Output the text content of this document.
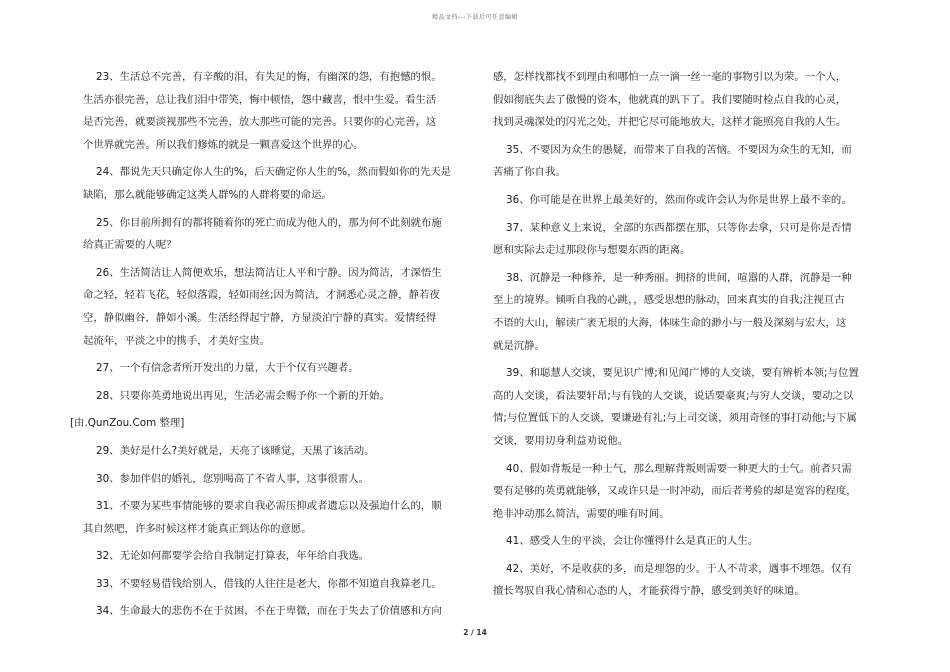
精品文档---下载后可任意编辑
23、生活总不完善，有辛酸的泪，有失足的悔，有幽深的怨，有抱憾的恨。
生活亦很完善，总让我们泪中带笑，悔中顿悟，怨中藏喜，恨中生爱。看生活
是否完善，就要淡视那些不完善，放大那些可能的完善。只要你的心完善，这
个世界就完善。所以我们修炼的就是一颗喜爱这个世界的心。
24、都说先天只确定你人生的%，后天确定你人生的%，然而假如你的先天是
缺陷，那么就能够确定这类人群%的人群将要的命运。
25、你目前所拥有的都将随着你的死亡而成为他人的，那为何不此刻就布施
给真正需要的人呢？
26、生活简洁让人简便欢乐，想法简洁让人平和宁静。因为简洁，才深悟生
命之轻，轻若飞花，轻似落霞，轻如雨丝;因为简洁，才洞悉心灵之静，静若夜
空，静似幽谷，静如小溪。生活经得起宁静，方显淡泊宁静的真实。爱情经得
起流年，平淡之中的携手，才美好宝贵。
27、一个有信念者所开发出的力量，大于个仅有兴趣者。
28、只要你英勇地说出再见，生活必需会赐予你一个新的开始。
[由.QunZou.Com 整理]
29、美好是什么?美好就是，天亮了该睡觉，天黑了该活动。
30、参加伴侣的婚礼，您别喝高了不省人事，这事很雷人。
31、不要为某些事情能够的要求自我必需压抑或者遗忘以及强迫什么的，顺
其自然吧，许多时候这样才能真正到达你的意愿。
32、无论如何都要学会给自我制定打算表，年年给自我选。
33、不要轻易借钱给别人，借钱的人往往是老大，你都不知道自我算老几。
34、生命最大的悲伤不在于贫困，不在于卑微，而在于失去了价值感和方向
感，怎样找都找不到理由和哪怕一点一滴一丝一毫的事物引以为荣。一个人，
假如彻底失去了傲慢的资本，他就真的趴下了。我们要随时检点自我的心灵，
找到灵魂深处的闪光之处，并把它尽可能地放大，这样才能照亮自我的人生。
35、不要因为众生的愚疑，而带来了自我的苦恼。不要因为众生的无知，而
苦痛了你自我。
36、你可能是在世界上最美好的，然而你或许会认为你是世界上最不幸的。
37、某种意义上来说，全部的东西都摆在那，只等你去拿，只可是你是否情
愿和实际去走过那段你与想要东西的距离。
38、沉静是一种修养，是一种秀丽。拥挤的世间，喧嚣的人群，沉静是一种
至上的境界。倾听自我的心跳，，感受思想的脉动，回来真实的自我;注视亘古
不语的大山，解读广袤无垠的大海，体味生命的渺小与一般及深刻与宏大，这
就是沉静。
39、和聪慧人交谈，要见识广博;和见闻广博的人交谈，要有辨析本领;与位置
高的人交谈，看法要轩昂;与有钱的人交谈，说话要豪爽;与穷人交谈，要动之以
情;与位置低下的人交谈，要谦逊有礼;与上司交谈，须用奇怪的事打动他;与下属
交谈，要用切身利益劝说他。
40、假如背叛是一种士气，那么理解背叛则需要一种更大的士气。前者只需
要有足够的英勇就能够，又或许只是一时冲动，而后者考验的却是宽容的程度，
绝非冲动那么简洁，需要的唯有时间。
41、感受人生的平淡，会让你懂得什么是真正的人生。
42、美好，不是收获的多，而是埋怨的少。于人不苛求，遇事不埋怨。仅有
擅长驾驭自我心情和心态的人，才能获得宁静，感受到美好的味道。
2 / 14
